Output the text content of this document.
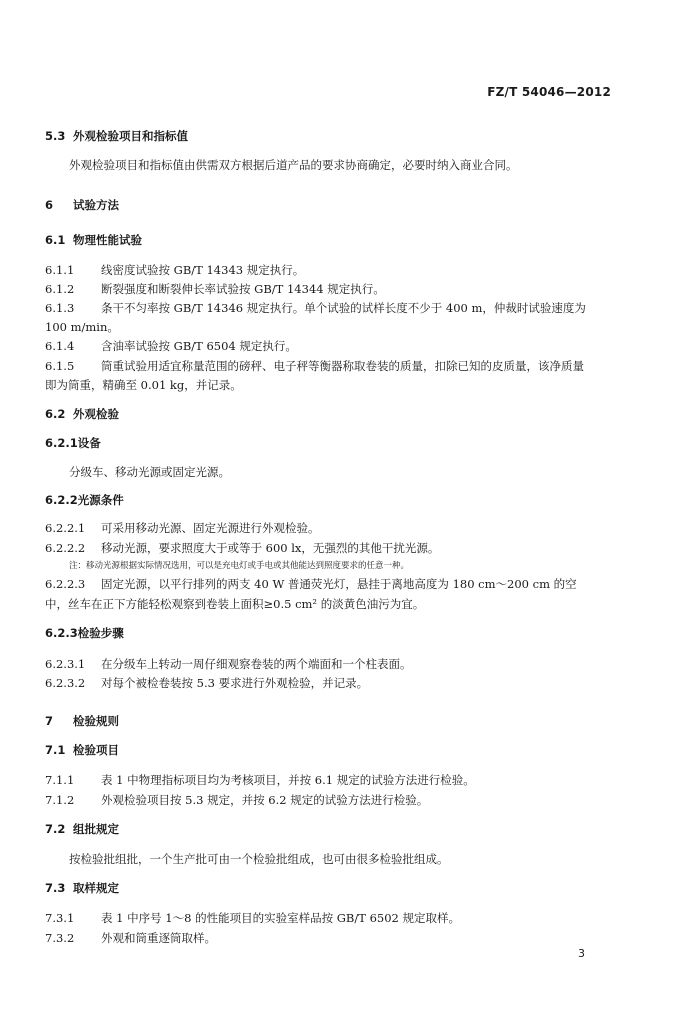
FZ/T 54046—2012
5.3 外观检验项目和指标值
外观检验项目和指标值由供需双方根据后道产品的要求协商确定，必要时纳入商业合同。
6 试验方法
6.1 物理性能试验
6.1.1 线密度试验按 GB/T 14343 规定执行。
6.1.2 断裂强度和断裂伸长率试验按 GB/T 14344 规定执行。
6.1.3 条干不匀率按 GB/T 14346 规定执行。单个试验的试样长度不少于 400 m，仲裁时试验速度为
100 m/min。
6.1.4 含油率试验按 GB/T 6504 规定执行。
6.1.5 筒重试验用适宜称量范围的磅秤、电子秤等衡器称取卷装的质量，扣除已知的皮质量，该净质量
即为筒重，精确至 0.01 kg，并记录。
6.2 外观检验
6.2.1设备
分级车、移动光源或固定光源。
6.2.2光源条件
6.2.2.1 可采用移动光源、固定光源进行外观检验。
6.2.2.2 移动光源，要求照度大于或等于 600 lx，无强烈的其他干扰光源。
注：移动光源根据实际情况选用，可以是充电灯或手电或其他能达到照度要求的任意一种。
6.2.2.3 固定光源，以平行排列的两支 40 W 普通荧光灯，悬挂于离地高度为 180 cm～200 cm 的空
中，丝车在正下方能轻松观察到卷装上面积≥0.5 cm² 的淡黄色油污为宜。
6.2.3检验步骤
6.2.3.1 在分级车上转动一周仔细观察卷装的两个端面和一个柱表面。
6.2.3.2 对每个被检卷装按 5.3 要求进行外观检验，并记录。
7 检验规则
7.1 检验项目
7.1.1 表 1 中物理指标项目均为考核项目，并按 6.1 规定的试验方法进行检验。
7.1.2 外观检验项目按 5.3 规定，并按 6.2 规定的试验方法进行检验。
7.2 组批规定
按检验批组批，一个生产批可由一个检验批组成，也可由很多检验批组成。
7.3 取样规定
7.3.1 表 1 中序号 1～8 的性能项目的实验室样品按 GB/T 6502 规定取样。
7.3.2 外观和筒重逐筒取样。
3
